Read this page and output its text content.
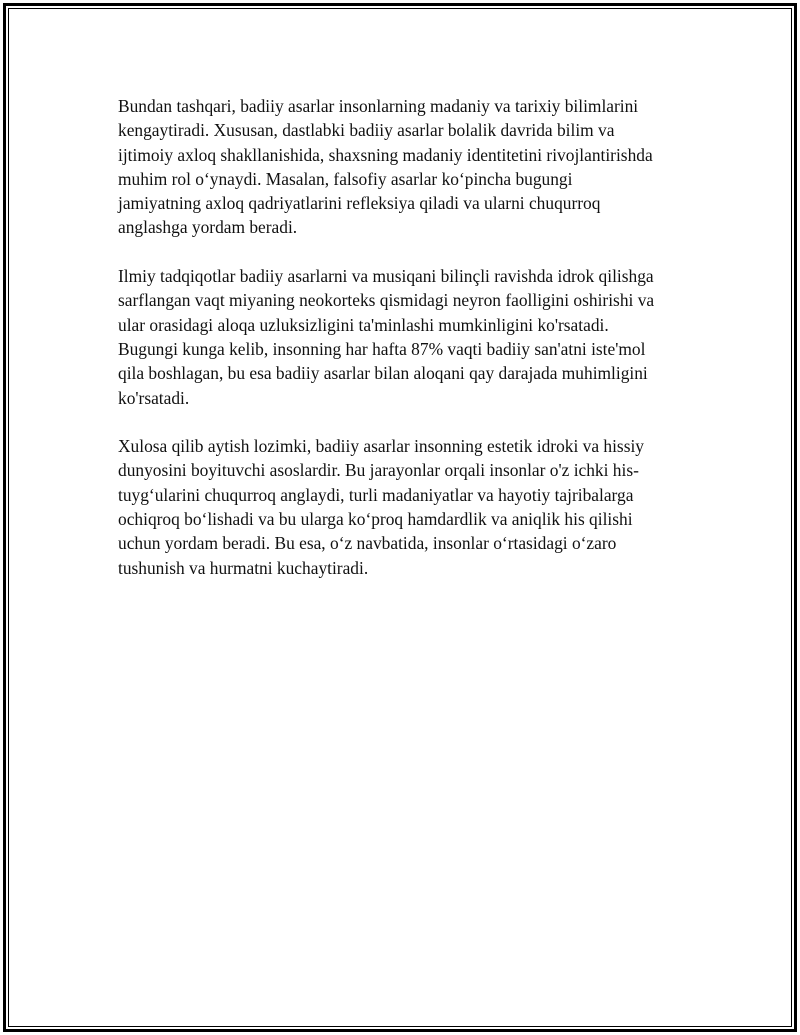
Bundan tashqari, badiiy asarlar insonlarning madaniy va tarixiy bilimlarini
kengaytiradi. Xususan, dastlabki badiiy asarlar bolalik davrida bilim va
ijtimoiy axloq shakllanishida, shaxsning madaniy identitetini rivojlantirishda
muhim rol oʻynaydi. Masalan, falsofiy asarlar koʻpincha bugungi
jamiyatning axloq qadriyatlarini refleksiya qiladi va ularni chuqurroq
anglashga yordam beradi.

Ilmiy tadqiqotlar badiiy asarlarni va musiqani bilinçli ravishda idrok qilishga
sarflangan vaqt miyaning neokorteks qismidagi neyron faolligini oshirishi va
ular orasidagi aloqa uzluksizligini ta'minlashi mumkinligini ko'rsatadi.
Bugungi kunga kelib, insonning har hafta 87% vaqti badiiy san'atni iste'mol
qila boshlagan, bu esa badiiy asarlar bilan aloqani qay darajada muhimligini
ko'rsatadi.

Xulosa qilib aytish lozimki, badiiy asarlar insonning estetik idroki va hissiy
dunyosini boyituvchi asoslardir. Bu jarayonlar orqali insonlar o'z ichki his-
tuygʻularini chuqurroq anglaydi, turli madaniyatlar va hayotiy tajribalarga
ochiqroq boʻlishadi va bu ularga koʻproq hamdardlik va aniqlik his qilishi
uchun yordam beradi. Bu esa, oʻz navbatida, insonlar oʻrtasidagi oʻzaro
tushunish va hurmatni kuchaytiradi.
